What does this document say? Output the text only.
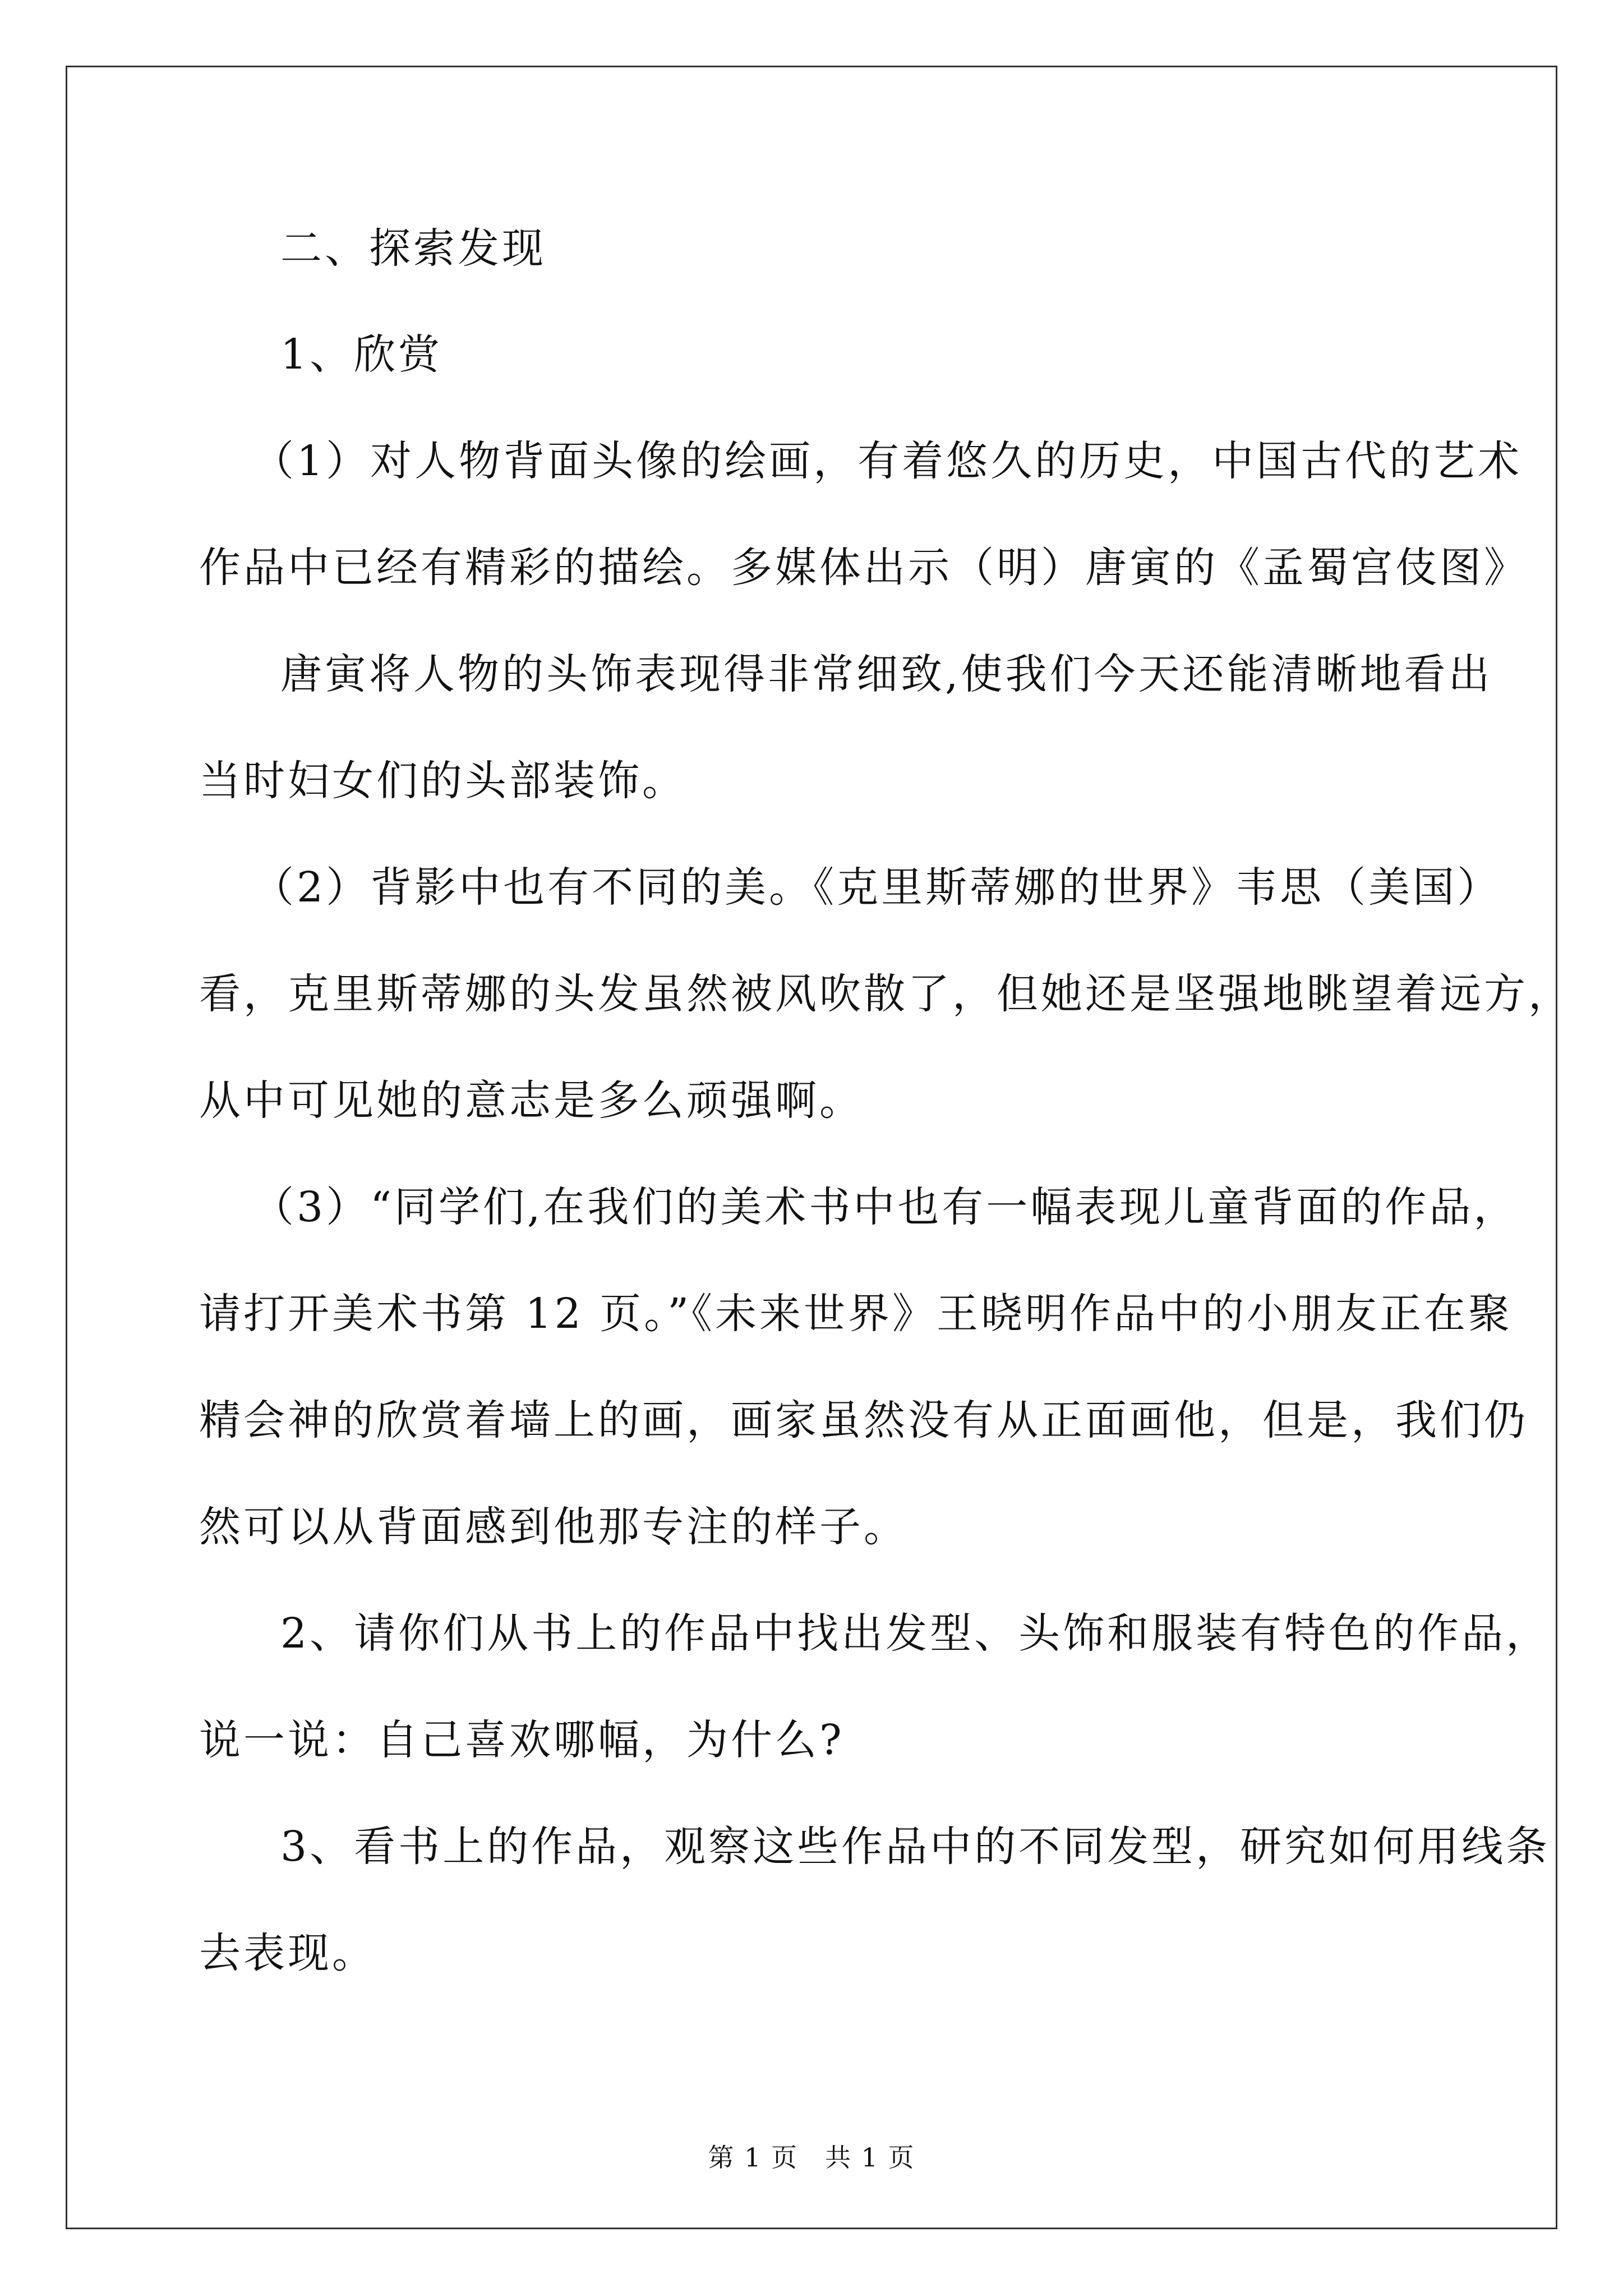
二、探索发现
1、欣赏
（1）对人物背面头像的绘画，有着悠久的历史，中国古代的艺术
作品中已经有精彩的描绘。多媒体出示（明）唐寅的《孟蜀宫伎图》
唐寅将人物的头饰表现得非常细致,使我们今天还能清晰地看出
当时妇女们的头部装饰。
（2）背影中也有不同的美。《克里斯蒂娜的世界》韦思（美国）
看，克里斯蒂娜的头发虽然被风吹散了，但她还是坚强地眺望着远方，
从中可见她的意志是多么顽强啊。
（3）“同学们,在我们的美术书中也有一幅表现儿童背面的作品，
请打开美术书第 12 页。”《未来世界》王晓明作品中的小朋友正在聚
精会神的欣赏着墙上的画，画家虽然没有从正面画他，但是，我们仍
然可以从背面感到他那专注的样子。
2、请你们从书上的作品中找出发型、头饰和服装有特色的作品，
说一说：自己喜欢哪幅，为什么?
3、看书上的作品，观察这些作品中的不同发型，研究如何用线条
去表现。
第 1 页　共 1 页
